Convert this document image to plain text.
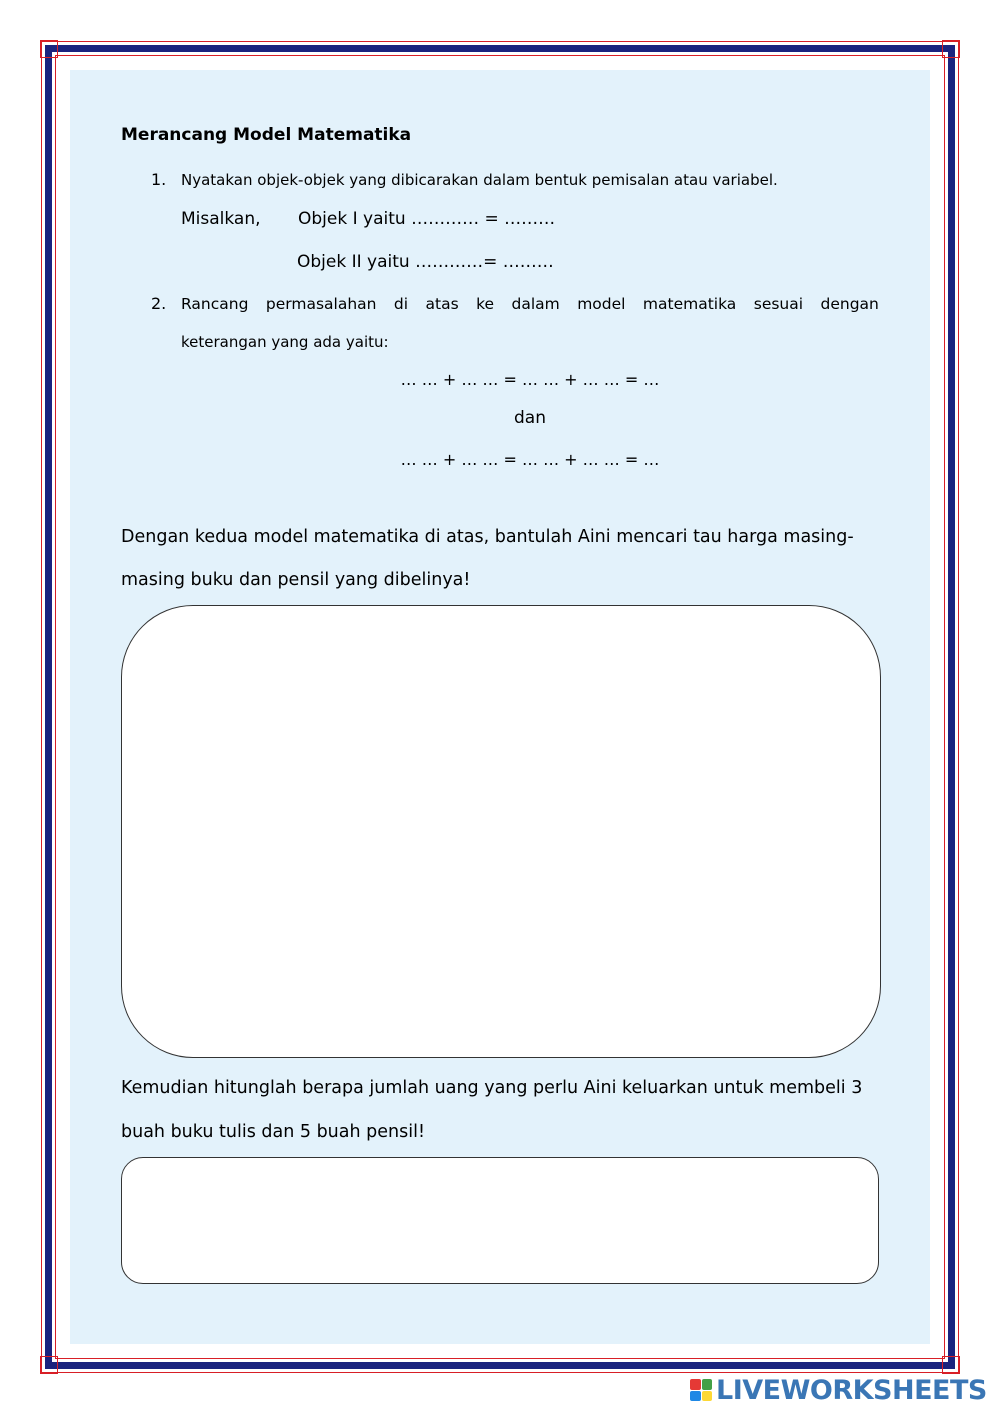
Merancang Model Matematika
1. Nyatakan objek-objek yang dibicarakan dalam bentuk pemisalan atau variabel.
Misalkan, Objek I yaitu ………… = ………
Objek II yaitu …………= ………
2. Rancang permasalahan di atas ke dalam model matematika sesuai dengan
keterangan yang ada yaitu:
… … + … … = … … + … … = …
dan
… … + … … = … … + … … = …
Dengan kedua model matematika di atas, bantulah Aini mencari tau harga masing-
masing buku dan pensil yang dibelinya!
Kemudian hitunglah berapa jumlah uang yang perlu Aini keluarkan untuk membeli 3
buah buku tulis dan 5 buah pensil!
LIVEWORKSHEETS
